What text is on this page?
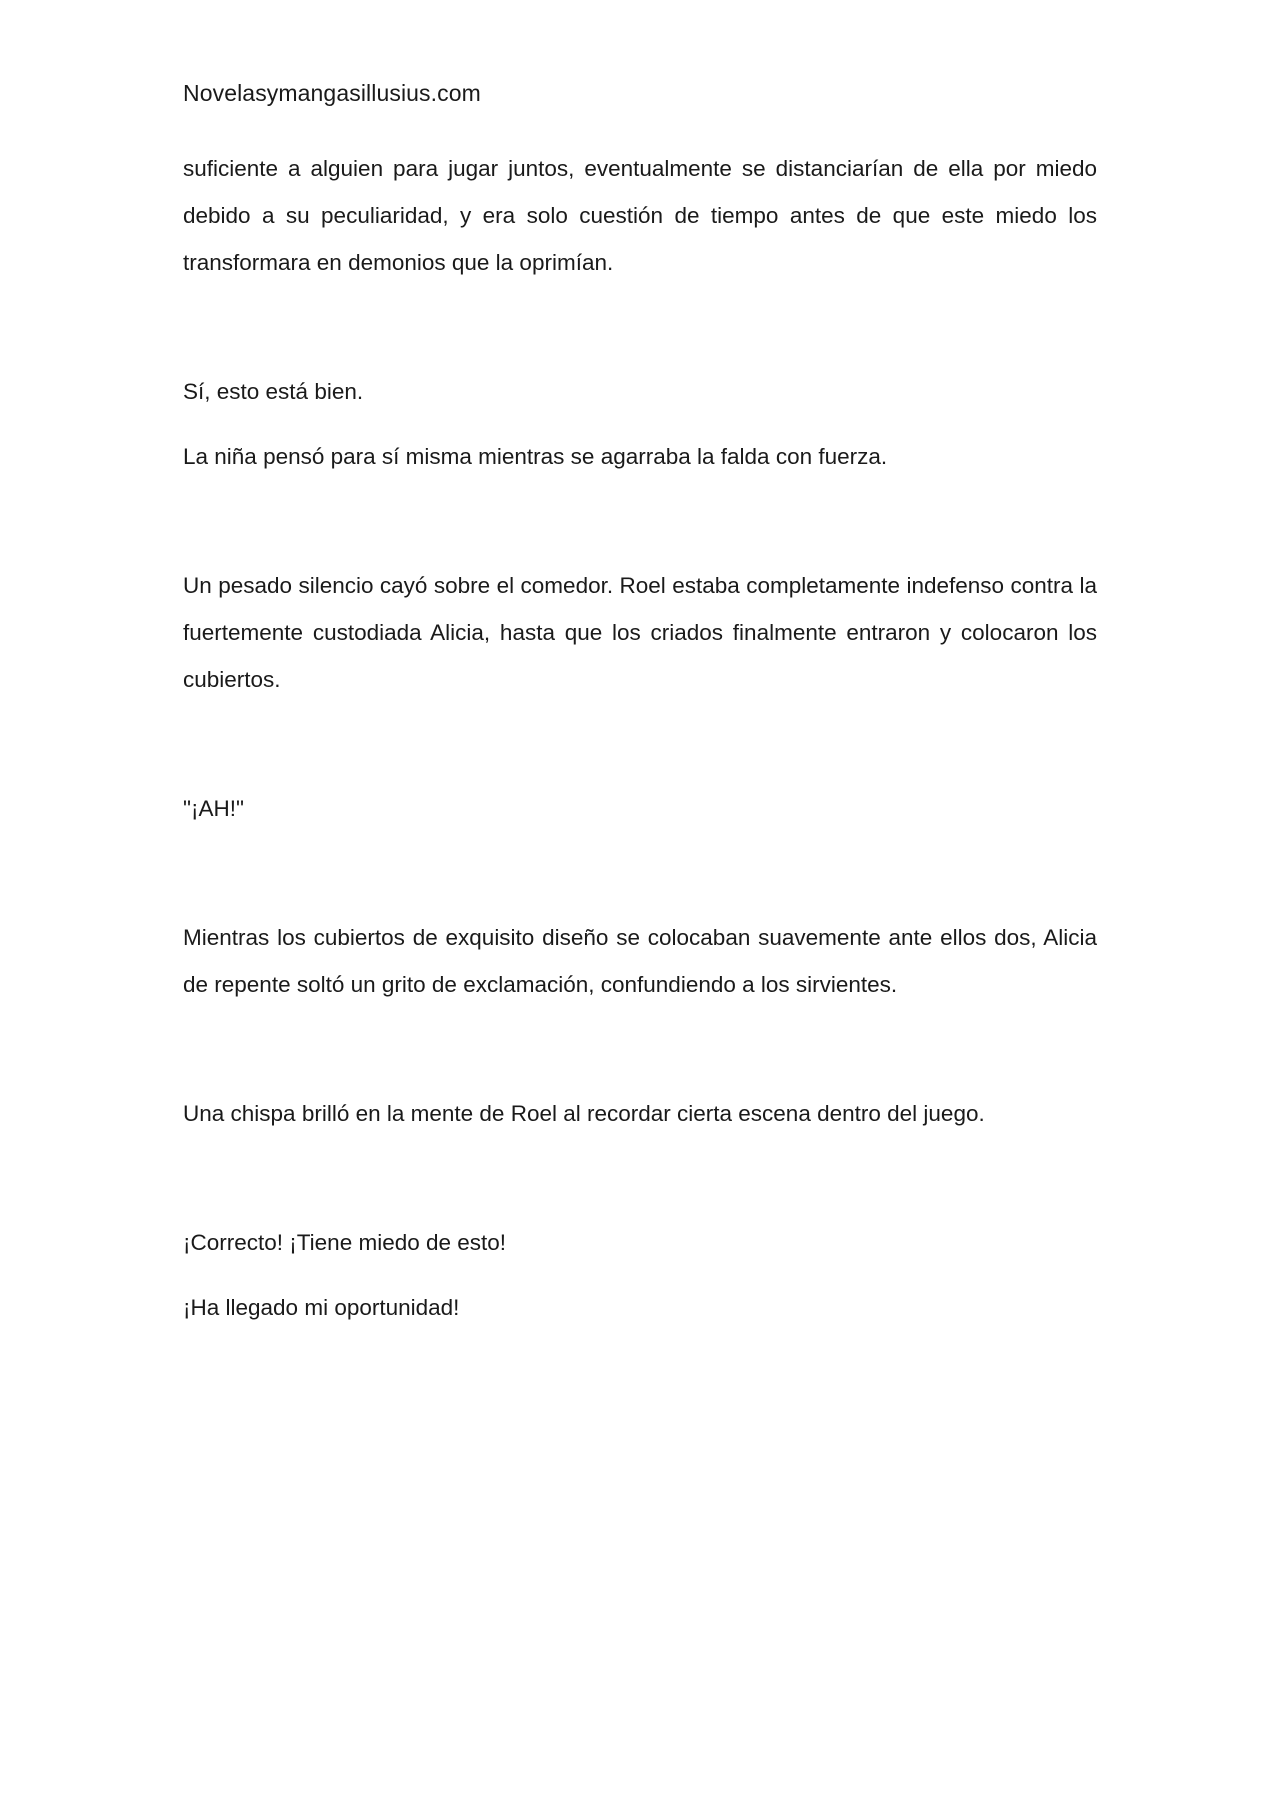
Novelasymangasillusius.com

suficiente a alguien para jugar juntos, eventualmente se distanciarían de ella por miedo debido a su peculiaridad, y era solo cuestión de tiempo antes de que este miedo los transformara en demonios que la oprimían.

Sí, esto está bien.

La niña pensó para sí misma mientras se agarraba la falda con fuerza.

Un pesado silencio cayó sobre el comedor. Roel estaba completamente indefenso contra la fuertemente custodiada Alicia, hasta que los criados finalmente entraron y colocaron los cubiertos.

"¡AH!"

Mientras los cubiertos de exquisito diseño se colocaban suavemente ante ellos dos, Alicia de repente soltó un grito de exclamación, confundiendo a los sirvientes.

Una chispa brilló en la mente de Roel al recordar cierta escena dentro del juego.

¡Correcto! ¡Tiene miedo de esto!

¡Ha llegado mi oportunidad!
